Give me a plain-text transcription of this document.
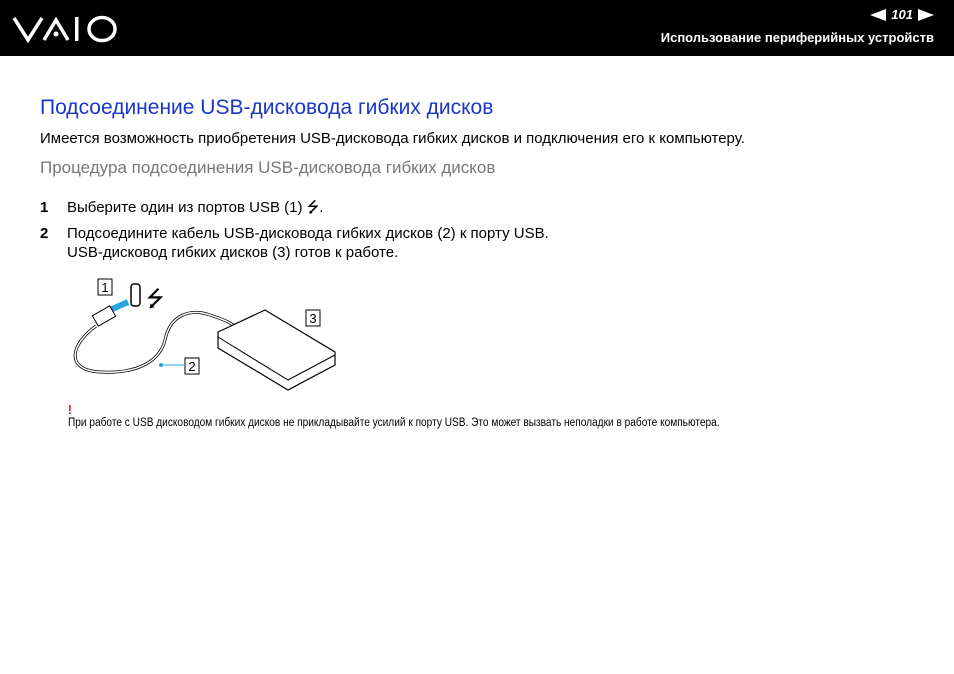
101
Использование периферийных устройств
Подсоединение USB-дисковода гибких дисков
Имеется возможность приобретения USB-дисковода гибких дисков и подключения его к компьютеру.
Процедура подсоединения USB-дисковода гибких дисков
1 Выберите один из портов USB (1) ⭍.
2 Подсоедините кабель USB-дисковода гибких дисков (2) к порту USB.
USB-дисковод гибких дисков (3) готов к работе.
1 ⭍
2
3
!
При работе с USB дисководом гибких дисков не прикладывайте усилий к порту USB. Это может вызвать неполадки в работе компьютера.
